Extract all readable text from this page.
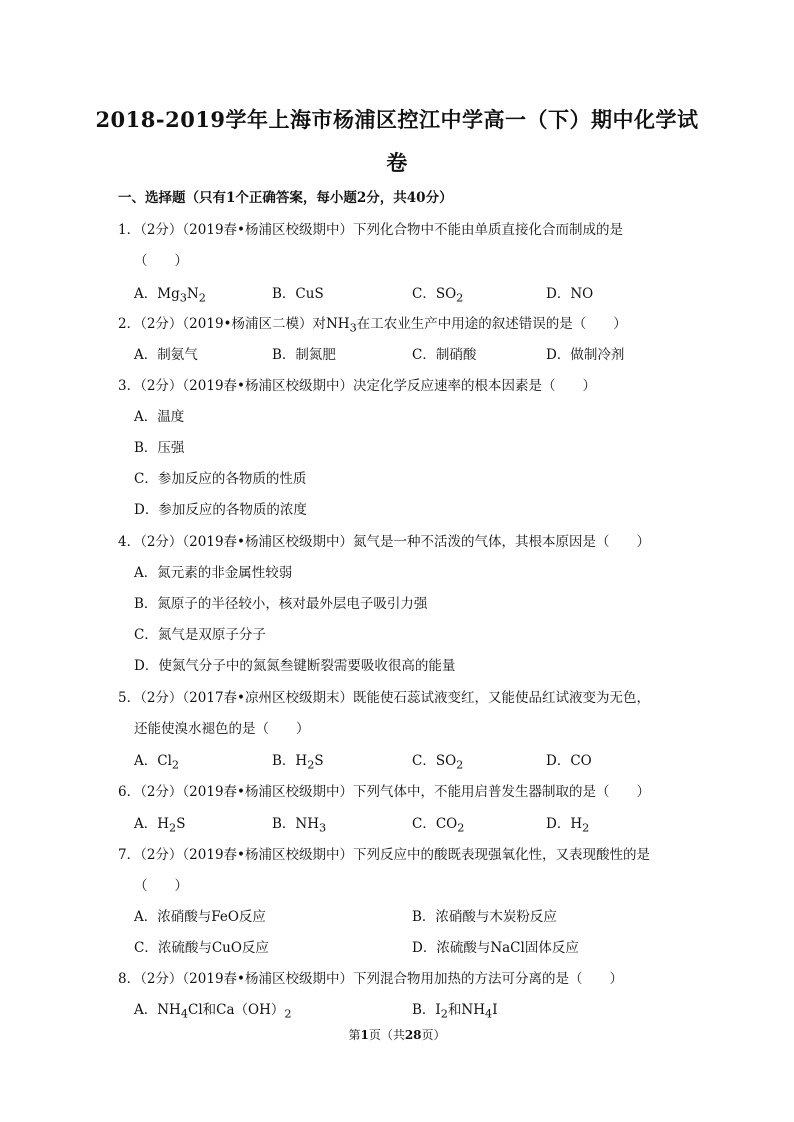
2018-2019学年上海市杨浦区控江中学高一（下）期中化学试
卷
一、选择题（只有1个正确答案，每小题2分，共40分）
1．（2分）（2019春•杨浦区校级期中）下列化合物中不能由单质直接化合而制成的是
（　　）
A．$Mg_3N_2$	B．CuS	C．$SO_2$	D．NO
2．（2分）（2019•杨浦区二模）对$NH_3$在工农业生产中用途的叙述错误的是（　　）
A．制氨气	B．制氮肥	C．制硝酸	D．做制冷剂
3．（2分）（2019春•杨浦区校级期中）决定化学反应速率的根本因素是（　　）
A．温度
B．压强
C．参加反应的各物质的性质
D．参加反应的各物质的浓度
4．（2分）（2019春•杨浦区校级期中）氮气是一种不活泼的气体，其根本原因是（　　）
A．氮元素的非金属性较弱
B．氮原子的半径较小，核对最外层电子吸引力强
C．氮气是双原子分子
D．使氮气分子中的氮氮叁键断裂需要吸收很高的能量
5．（2分）（2017春•凉州区校级期末）既能使石蕊试液变红，又能使品红试液变为无色，
还能使溴水褪色的是（　　）
A．$Cl_2$	B．$H_2S$	C．$SO_2$	D．CO
6．（2分）（2019春•杨浦区校级期中）下列气体中，不能用启普发生器制取的是（　　）
A．$H_2S$	B．$NH_3$	C．$CO_2$	D．$H_2$
7．（2分）（2019春•杨浦区校级期中）下列反应中的酸既表现强氧化性，又表现酸性的是
（　　）
A．浓硝酸与FeO反应	B．浓硝酸与木炭粉反应
C．浓硫酸与CuO反应	D．浓硫酸与NaCl固体反应
8．（2分）（2019春•杨浦区校级期中）下列混合物用加热的方法可分离的是（　　）
A．$NH_4Cl$和$Ca(OH)_2$	B．$I_2$和$NH_4I$
第1页（共28页）
